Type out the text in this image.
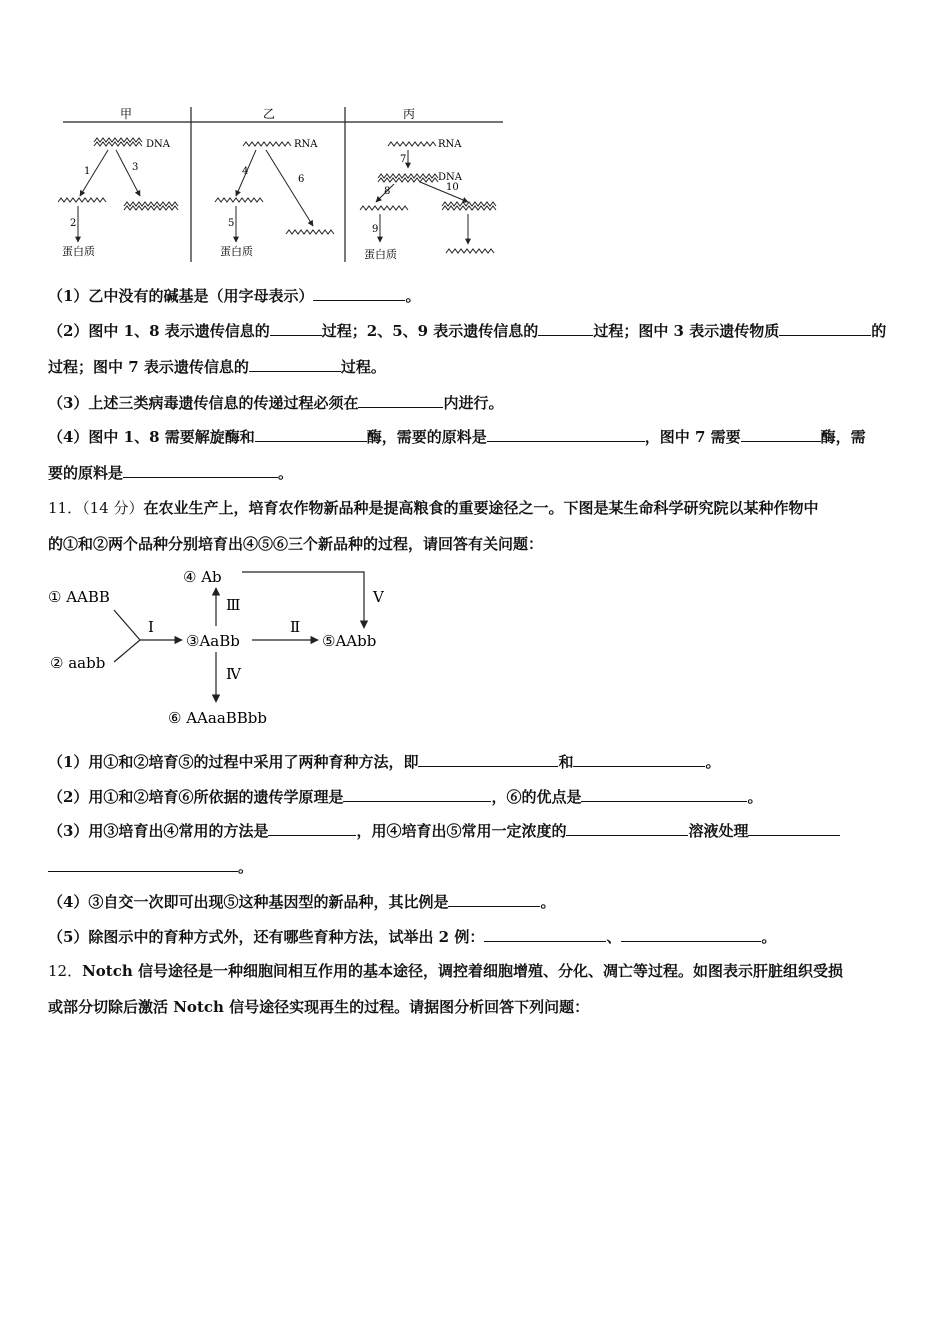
甲	乙	丙
DNA
1	3
2
蛋白质
RNA
4
6
5
蛋白质
RNA
7
DNA
8	10
9
蛋白质
（1）乙中没有的碱基是（用字母表示）	。
（2）图中 1、8 表示遗传信息的	过程；2、5、9 表示遗传信息的	过程；图中 3 表示遗传物质	的
过程；图中 7 表示遗传信息的	过程。
（3）上述三类病毒遗传信息的传递过程必须在	内进行。
（4）图中 1、8 需要解旋酶和	酶，需要的原料是	，图中 7 需要	酶，需
要的原料是	。
11．（14 分）在农业生产上，培育农作物新品种是提高粮食的重要途径之一。下图是某生命科学研究院以某种作物中
的①和②两个品种分别培育出④⑤⑥三个新品种的过程，请回答有关问题：
① AABB
② aabb
④ Ab
③AaBb	⑤AAbb
⑥ AAaaBBbb
Ⅰ	Ⅱ
Ⅲ
Ⅳ
Ⅴ
（1）用①和②培育⑤的过程中采用了两种育种方法，即	和	。
（2）用①和②培育⑥所依据的遗传学原理是	，⑥的优点是	。
（3）用③培育出④常用的方法是	，用④培育出⑤常用一定浓度的	溶液处理
。
（4）③自交一次即可出现⑤这种基因型的新品种，其比例是	。
（5）除图示中的育种方式外，还有哪些育种方法，试举出 2 例：	、	。
12．Notch 信号途径是一种细胞间相互作用的基本途径，调控着细胞增殖、分化、凋亡等过程。如图表示肝脏组织受损
或部分切除后激活 Notch 信号途径实现再生的过程。请据图分析回答下列问题：
